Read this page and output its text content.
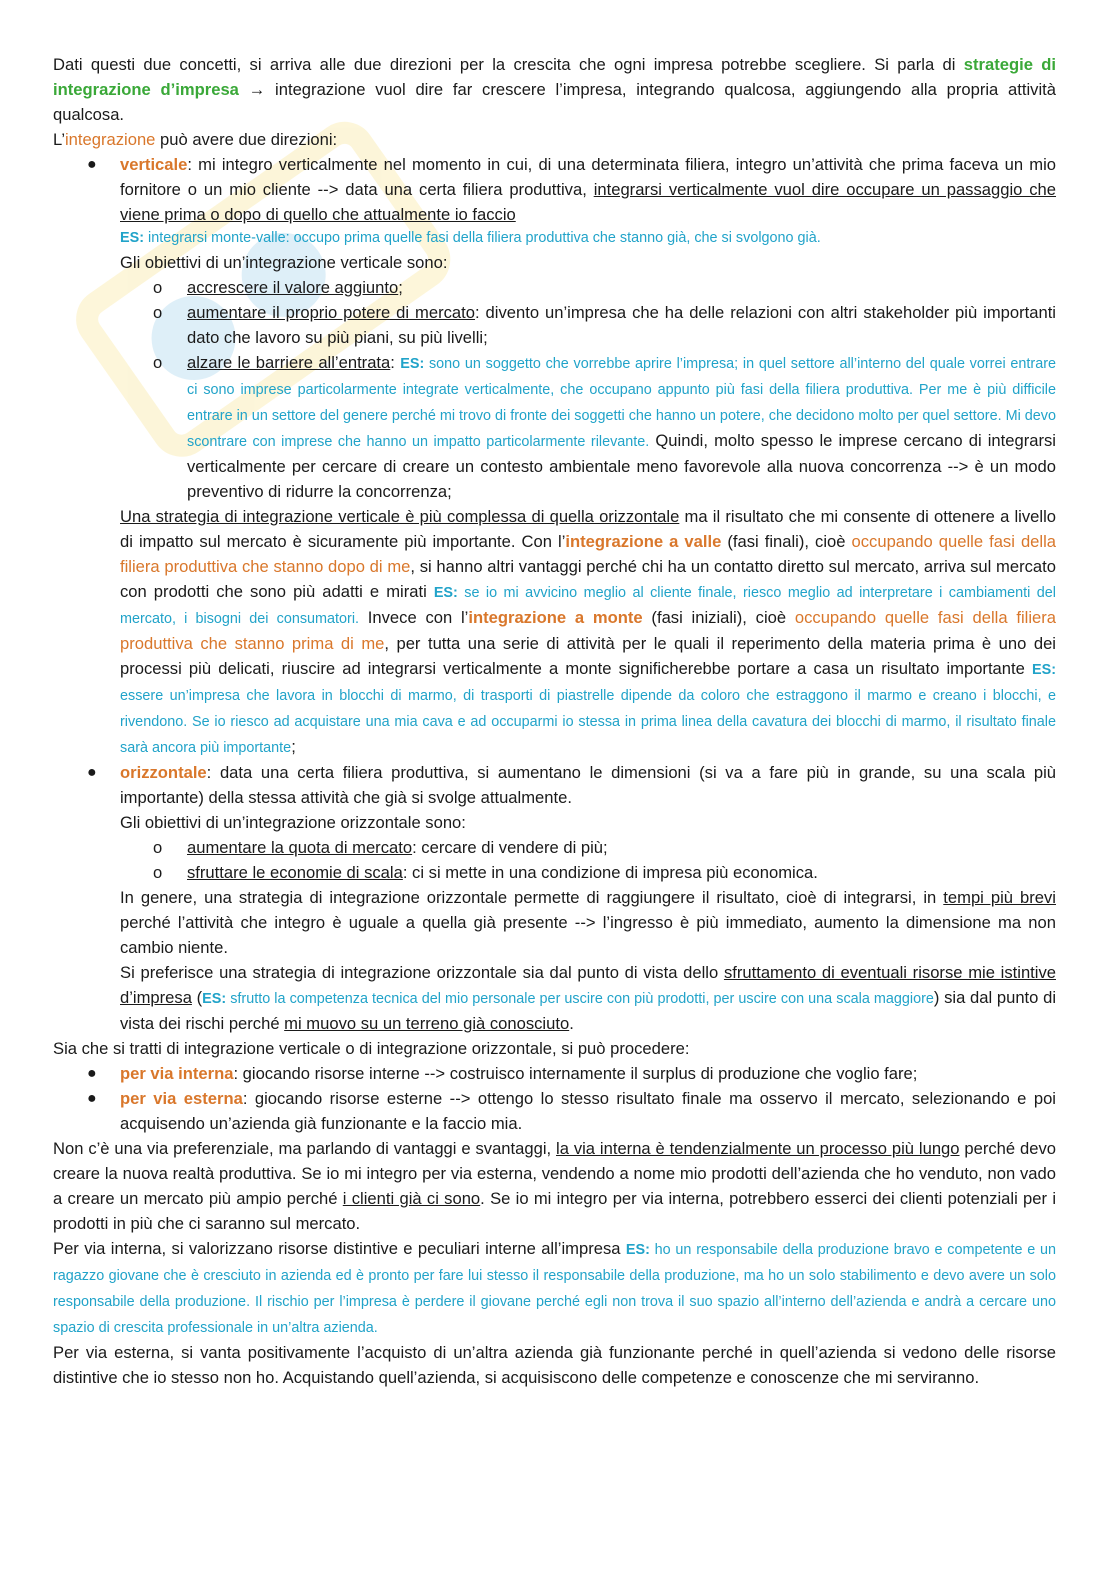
Dati questi due concetti, si arriva alle due direzioni per la crescita che ogni impresa potrebbe scegliere. Si parla di strategie di integrazione d’impresa → integrazione vuol dire far crescere l’impresa, integrando qualcosa, aggiungendo alla propria attività qualcosa.

L’integrazione può avere due direzioni:

● verticale: mi integro verticalmente nel momento in cui, di una determinata filiera, integro un’attività che prima faceva un mio fornitore o un mio cliente --> data una certa filiera produttiva, integrarsi verticalmente vuol dire occupare un passaggio che viene prima o dopo di quello che attualmente io faccio

ES: integrarsi monte-valle: occupo prima quelle fasi della filiera produttiva che stanno già, che si svolgono già.

Gli obiettivi di un’integrazione verticale sono:

o accrescere il valore aggiunto;
o aumentare il proprio potere di mercato: divento un’impresa che ha delle relazioni con altri stakeholder più importanti dato che lavoro su più piani, su più livelli;
o alzare le barriere all’entrata: ES: sono un soggetto che vorrebbe aprire l’impresa; in quel settore all’interno del quale vorrei entrare ci sono imprese particolarmente integrate verticalmente, che occupano appunto più fasi della filiera produttiva. Per me è più difficile entrare in un settore del genere perché mi trovo di fronte dei soggetti che hanno un potere, che decidono molto per quel settore. Mi devo scontrare con imprese che hanno un impatto particolarmente rilevante. Quindi, molto spesso le imprese cercano di integrarsi verticalmente per cercare di creare un contesto ambientale meno favorevole alla nuova concorrenza --> è un modo preventivo di ridurre la concorrenza;

Una strategia di integrazione verticale è più complessa di quella orizzontale ma il risultato che mi consente di ottenere a livello di impatto sul mercato è sicuramente più importante. Con l’integrazione a valle (fasi finali), cioè occupando quelle fasi della filiera produttiva che stanno dopo di me, si hanno altri vantaggi perché chi ha un contatto diretto sul mercato, arriva sul mercato con prodotti che sono più adatti e mirati ES: se io mi avvicino meglio al cliente finale, riesco meglio ad interpretare i cambiamenti del mercato, i bisogni dei consumatori. Invece con l’integrazione a monte (fasi iniziali), cioè occupando quelle fasi della filiera produttiva che stanno prima di me, per tutta una serie di attività per le quali il reperimento della materia prima è uno dei processi più delicati, riuscire ad integrarsi verticalmente a monte significherebbe portare a casa un risultato importante ES: essere un’impresa che lavora in blocchi di marmo, di trasporti di piastrelle dipende da coloro che estraggono il marmo e creano i blocchi, e rivendono. Se io riesco ad acquistare una mia cava e ad occuparmi io stessa in prima linea della cavatura dei blocchi di marmo, il risultato finale sarà ancora più importante;

● orizzontale: data una certa filiera produttiva, si aumentano le dimensioni (si va a fare più in grande, su una scala più importante) della stessa attività che già si svolge attualmente.

Gli obiettivi di un’integrazione orizzontale sono:

o aumentare la quota di mercato: cercare di vendere di più;
o sfruttare le economie di scala: ci si mette in una condizione di impresa più economica.

In genere, una strategia di integrazione orizzontale permette di raggiungere il risultato, cioè di integrarsi, in tempi più brevi perché l’attività che integro è uguale a quella già presente --> l’ingresso è più immediato, aumento la dimensione ma non cambio niente.

Si preferisce una strategia di integrazione orizzontale sia dal punto di vista dello sfruttamento di eventuali risorse mie istintive d’impresa (ES: sfrutto la competenza tecnica del mio personale per uscire con più prodotti, per uscire con una scala maggiore) sia dal punto di vista dei rischi perché mi muovo su un terreno già conosciuto.

Sia che si tratti di integrazione verticale o di integrazione orizzontale, si può procedere:

● per via interna: giocando risorse interne --> costruisco internamente il surplus di produzione che voglio fare;
● per via esterna: giocando risorse esterne --> ottengo lo stesso risultato finale ma osservo il mercato, selezionando e poi acquisendo un’azienda già funzionante e la faccio mia.

Non c’è una via preferenziale, ma parlando di vantaggi e svantaggi, la via interna è tendenzialmente un processo più lungo perché devo creare la nuova realtà produttiva. Se io mi integro per via esterna, vendendo a nome mio prodotti dell’azienda che ho venduto, non vado a creare un mercato più ampio perché i clienti già ci sono. Se io mi integro per via interna, potrebbero esserci dei clienti potenziali per i prodotti in più che ci saranno sul mercato.

Per via interna, si valorizzano risorse distintive e peculiari interne all’impresa ES: ho un responsabile della produzione bravo e competente e un ragazzo giovane che è cresciuto in azienda ed è pronto per fare lui stesso il responsabile della produzione, ma ho un solo stabilimento e devo avere un solo responsabile della produzione. Il rischio per l’impresa è perdere il giovane perché egli non trova il suo spazio all’interno dell’azienda e andrà a cercare uno spazio di crescita professionale in un’altra azienda.

Per via esterna, si vanta positivamente l’acquisto di un’altra azienda già funzionante perché in quell’azienda si vedono delle risorse distintive che io stesso non ho. Acquistando quell’azienda, si acquisiscono delle competenze e conoscenze che mi serviranno.
